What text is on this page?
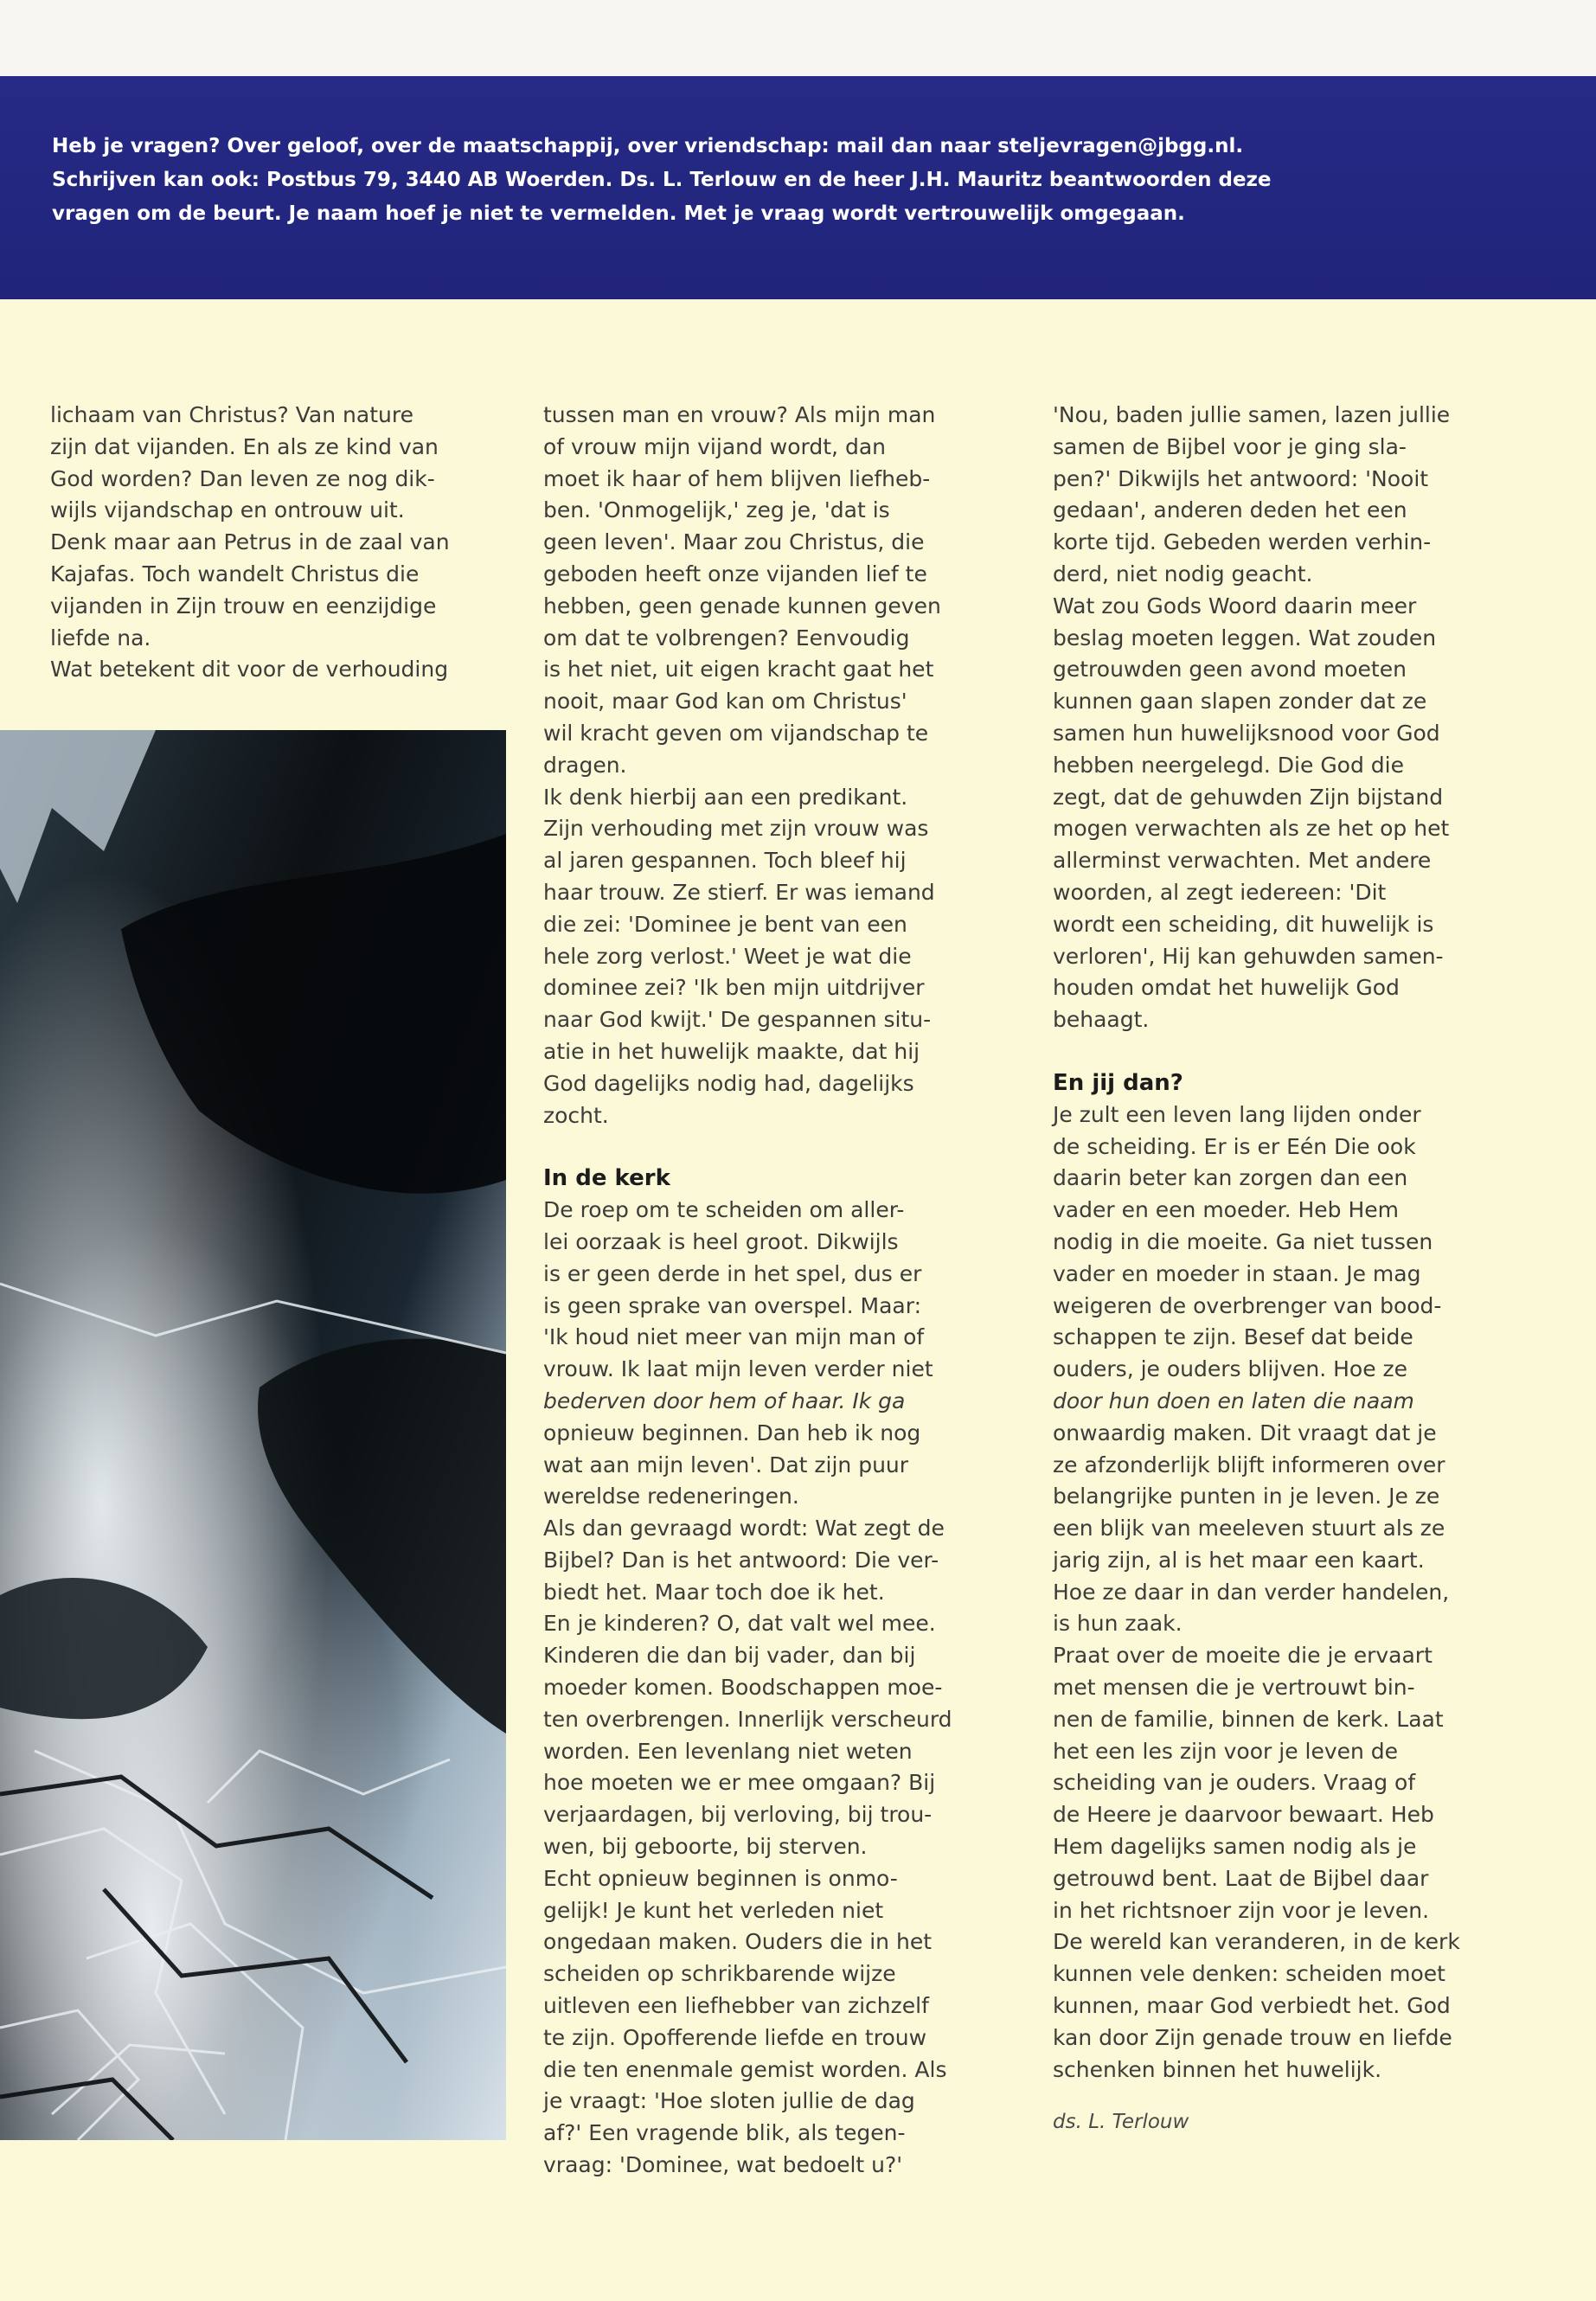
Heb je vragen? Over geloof, over de maatschappij, over vriendschap: mail dan naar steljevragen@jbgg.nl.

Schrijven kan ook: Postbus 79, 3440 AB Woerden. Ds. L. Terlouw en de heer J.H. Mauritz beantwoorden deze

vragen om de beurt. Je naam hoef je niet te vermelden. Met je vraag wordt vertrouwelijk omgegaan.

lichaam van Christus? Van nature
zijn dat vijanden. En als ze kind van
God worden? Dan leven ze nog dik-
wijls vijandschap en ontrouw uit.
Denk maar aan Petrus in de zaal van
Kajafas. Toch wandelt Christus die
vijanden in Zijn trouw en eenzijdige
liefde na.
Wat betekent dit voor de verhouding
tussen man en vrouw? Als mijn man
of vrouw mijn vijand wordt, dan
moet ik haar of hem blijven liefheb-
ben. 'Onmogelijk,' zeg je, 'dat is
geen leven'. Maar zou Christus, die
geboden heeft onze vijanden lief te
hebben, geen genade kunnen geven
om dat te volbrengen? Eenvoudig
is het niet, uit eigen kracht gaat het
nooit, maar God kan om Christus'
wil kracht geven om vijandschap te
dragen.
Ik denk hierbij aan een predikant.
Zijn verhouding met zijn vrouw was
al jaren gespannen. Toch bleef hij
haar trouw. Ze stierf. Er was iemand
die zei: 'Dominee je bent van een
hele zorg verlost.' Weet je wat die
dominee zei? 'Ik ben mijn uitdrijver
naar God kwijt.' De gespannen situ-
atie in het huwelijk maakte, dat hij
God dagelijks nodig had, dagelijks
zocht.
In de kerk
De roep om te scheiden om aller-
lei oorzaak is heel groot. Dikwijls
is er geen derde in het spel, dus er
is geen sprake van overspel. Maar:
'Ik houd niet meer van mijn man of
vrouw. Ik laat mijn leven verder niet
bederven door hem of haar. Ik ga
opnieuw beginnen. Dan heb ik nog
wat aan mijn leven'. Dat zijn puur
wereldse redeneringen.
Als dan gevraagd wordt: Wat zegt de
Bijbel? Dan is het antwoord: Die ver-
biedt het. Maar toch doe ik het.
En je kinderen? O, dat valt wel mee.
Kinderen die dan bij vader, dan bij
moeder komen. Boodschappen moe-
ten overbrengen. Innerlijk verscheurd
worden. Een levenlang niet weten
hoe moeten we er mee omgaan? Bij
verjaardagen, bij verloving, bij trou-
wen, bij geboorte, bij sterven.
Echt opnieuw beginnen is onmo-
gelijk! Je kunt het verleden niet
ongedaan maken. Ouders die in het
scheiden op schrikbarende wijze
uitleven een liefhebber van zichzelf
te zijn. Opofferende liefde en trouw
die ten enenmale gemist worden. Als
je vraagt: 'Hoe sloten jullie de dag
af?' Een vragende blik, als tegen-
vraag: 'Dominee, wat bedoelt u?'
'Nou, baden jullie samen, lazen jullie
samen de Bijbel voor je ging sla-
pen?' Dikwijls het antwoord: 'Nooit
gedaan', anderen deden het een
korte tijd. Gebeden werden verhin-
derd, niet nodig geacht.
Wat zou Gods Woord daarin meer
beslag moeten leggen. Wat zouden
getrouwden geen avond moeten
kunnen gaan slapen zonder dat ze
samen hun huwelijksnood voor God
hebben neergelegd. Die God die
zegt, dat de gehuwden Zijn bijstand
mogen verwachten als ze het op het
allerminst verwachten. Met andere
woorden, al zegt iedereen: 'Dit
wordt een scheiding, dit huwelijk is
verloren', Hij kan gehuwden samen-
houden omdat het huwelijk God
behaagt.
En jij dan?
Je zult een leven lang lijden onder
de scheiding. Er is er Eén Die ook
daarin beter kan zorgen dan een
vader en een moeder. Heb Hem
nodig in die moeite. Ga niet tussen
vader en moeder in staan. Je mag
weigeren de overbrenger van bood-
schappen te zijn. Besef dat beide
ouders, je ouders blijven. Hoe ze
door hun doen en laten die naam
onwaardig maken. Dit vraagt dat je
ze afzonderlijk blijft informeren over
belangrijke punten in je leven. Je ze
een blijk van meeleven stuurt als ze
jarig zijn, al is het maar een kaart.
Hoe ze daar in dan verder handelen,
is hun zaak.
Praat over de moeite die je ervaart
met mensen die je vertrouwt bin-
nen de familie, binnen de kerk. Laat
het een les zijn voor je leven de
scheiding van je ouders. Vraag of
de Heere je daarvoor bewaart. Heb
Hem dagelijks samen nodig als je
getrouwd bent. Laat de Bijbel daar
in het richtsnoer zijn voor je leven.
De wereld kan veranderen, in de kerk
kunnen vele denken: scheiden moet
kunnen, maar God verbiedt het. God
kan door Zijn genade trouw en liefde
schenken binnen het huwelijk.
ds. L. Terlouw
